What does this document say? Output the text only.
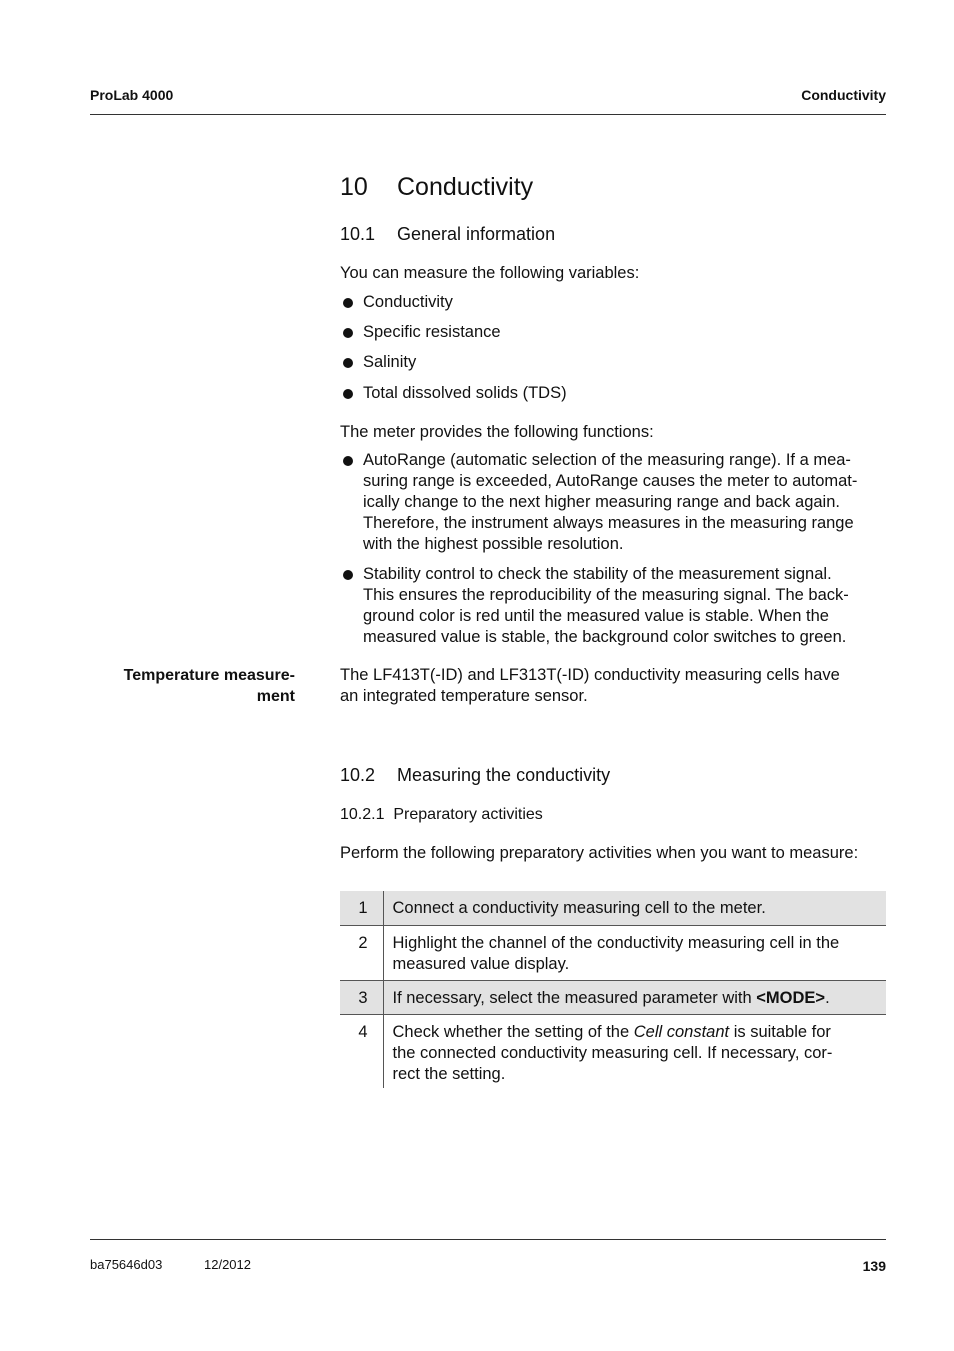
ProLab 4000	Conductivity
10 Conductivity
10.1 General information
You can measure the following variables:
Conductivity
Specific resistance
Salinity
Total dissolved solids (TDS)
The meter provides the following functions:
AutoRange (automatic selection of the measuring range). If a mea-
suring range is exceeded, AutoRange causes the meter to automat-
ically change to the next higher measuring range and back again.
Therefore, the instrument always measures in the measuring range
with the highest possible resolution.
Stability control to check the stability of the measurement signal.
This ensures the reproducibility of the measuring signal. The back-
ground color is red until the measured value is stable. When the
measured value is stable, the background color switches to green.
Temperature measure-
ment
The LF413T(-ID) and LF313T(-ID) conductivity measuring cells have
an integrated temperature sensor.
10.2 Measuring the conductivity
10.2.1 Preparatory activities
Perform the following preparatory activities when you want to measure:
1	Connect a conductivity measuring cell to the meter.
2	Highlight the channel of the conductivity measuring cell in the
measured value display.
3	If necessary, select the measured parameter with <MODE>.
4	Check whether the setting of the Cell constant is suitable for
the connected conductivity measuring cell. If necessary, cor-
rect the setting.
ba75646d03	12/2012	139
